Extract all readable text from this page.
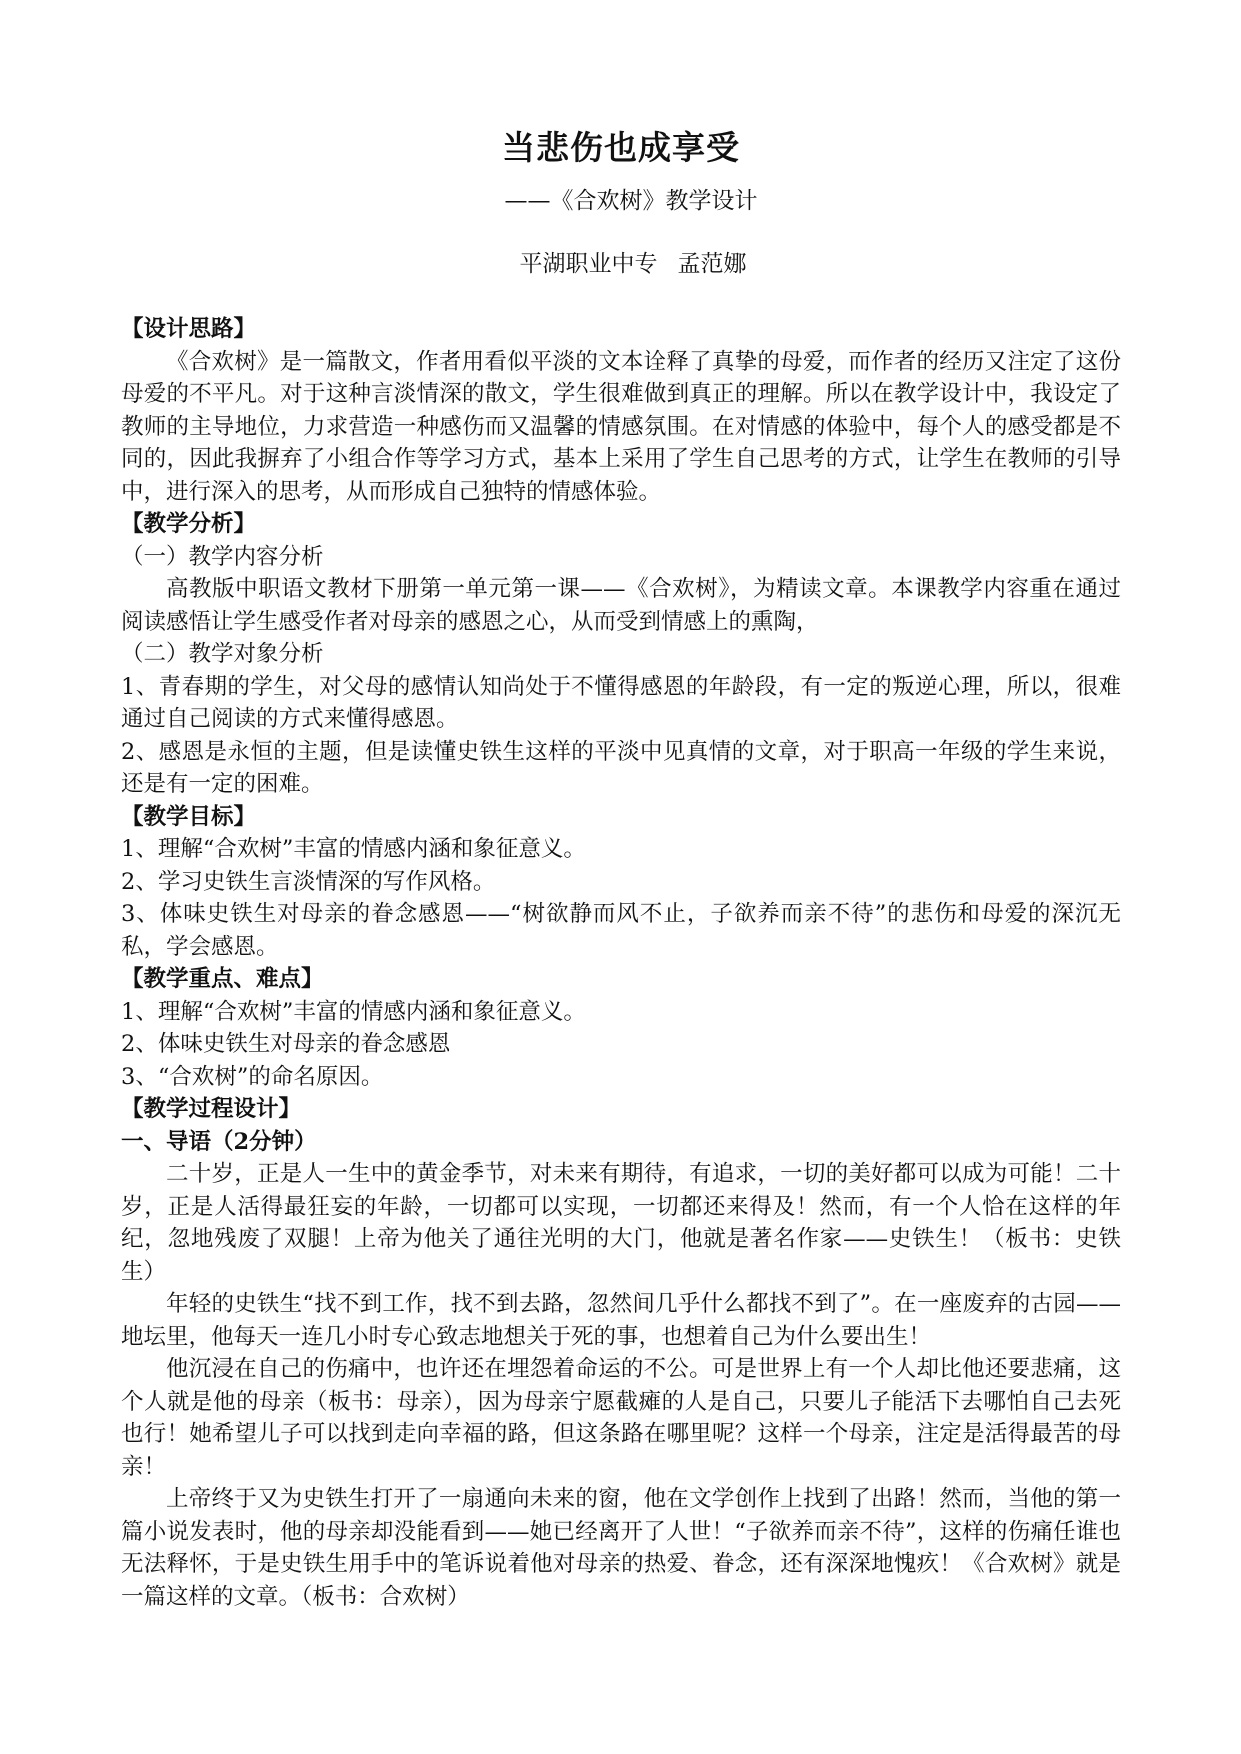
当悲伤也成享受
——《合欢树》教学设计
平湖职业中专 孟范娜

【设计思路】

《合欢树》是一篇散文，作者用看似平淡的文本诠释了真挚的母爱，而作者的经历又注定了这份母爱的不平凡。对于这种言淡情深的散文，学生很难做到真正的理解。所以在教学设计中，我设定了教师的主导地位，力求营造一种感伤而又温馨的情感氛围。在对情感的体验中，每个人的感受都是不同的，因此我摒弃了小组合作等学习方式，基本上采用了学生自己思考的方式，让学生在教师的引导中，进行深入的思考，从而形成自己独特的情感体验。

【教学分析】

（一）教学内容分析

高教版中职语文教材下册第一单元第一课——《合欢树》，为精读文章。本课教学内容重在通过阅读感悟让学生感受作者对母亲的感恩之心，从而受到情感上的熏陶，

（二）教学对象分析

1、青春期的学生，对父母的感情认知尚处于不懂得感恩的年龄段，有一定的叛逆心理，所以，很难通过自己阅读的方式来懂得感恩。

2、感恩是永恒的主题，但是读懂史铁生这样的平淡中见真情的文章，对于职高一年级的学生来说，还是有一定的困难。

【教学目标】

1、理解“合欢树”丰富的情感内涵和象征意义。

2、学习史铁生言淡情深的写作风格。

3、体味史铁生对母亲的眷念感恩——“树欲静而风不止，子欲养而亲不待”的悲伤和母爱的深沉无私，学会感恩。

【教学重点、难点】

1、理解“合欢树”丰富的情感内涵和象征意义。

2、体味史铁生对母亲的眷念感恩

3、“合欢树”的命名原因。

【教学过程设计】

一、导语（2分钟）

二十岁，正是人一生中的黄金季节，对未来有期待，有追求，一切的美好都可以成为可能！二十岁，正是人活得最狂妄的年龄，一切都可以实现，一切都还来得及！然而，有一个人恰在这样的年纪，忽地残废了双腿！上帝为他关了通往光明的大门，他就是著名作家——史铁生！（板书：史铁生）

年轻的史铁生“找不到工作，找不到去路，忽然间几乎什么都找不到了”。在一座废弃的古园——地坛里，他每天一连几小时专心致志地想关于死的事，也想着自己为什么要出生！

他沉浸在自己的伤痛中，也许还在埋怨着命运的不公。可是世界上有一个人却比他还要悲痛，这个人就是他的母亲（板书：母亲），因为母亲宁愿截瘫的人是自己，只要儿子能活下去哪怕自己去死也行！她希望儿子可以找到走向幸福的路，但这条路在哪里呢？这样一个母亲，注定是活得最苦的母亲！

上帝终于又为史铁生打开了一扇通向未来的窗，他在文学创作上找到了出路！然而，当他的第一篇小说发表时，他的母亲却没能看到——她已经离开了人世！“子欲养而亲不待”，这样的伤痛任谁也无法释怀，于是史铁生用手中的笔诉说着他对母亲的热爱、眷念，还有深深地愧疚！《合欢树》就是一篇这样的文章。（板书：合欢树）
